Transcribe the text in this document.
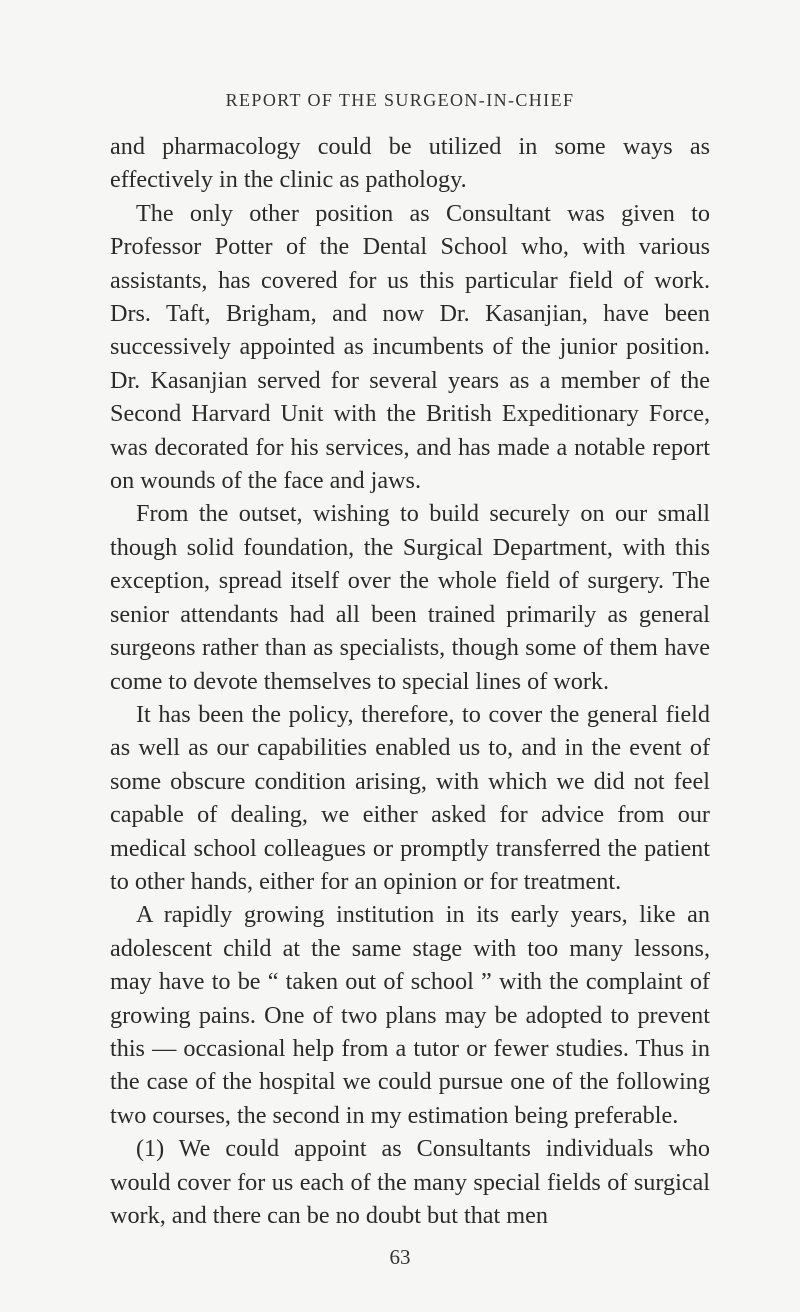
REPORT OF THE SURGEON-IN-CHIEF

and pharmacology could be utilized in some ways as effectively in the clinic as pathology.

The only other position as Consultant was given to Professor Potter of the Dental School who, with various assistants, has covered for us this particular field of work. Drs. Taft, Brigham, and now Dr. Kasanjian, have been successively appointed as incumbents of the junior position. Dr. Kasanjian served for several years as a member of the Second Harvard Unit with the British Expeditionary Force, was decorated for his services, and has made a notable report on wounds of the face and jaws.

From the outset, wishing to build securely on our small though solid foundation, the Surgical Department, with this exception, spread itself over the whole field of surgery. The senior attendants had all been trained primarily as general surgeons rather than as specialists, though some of them have come to devote themselves to special lines of work.

It has been the policy, therefore, to cover the general field as well as our capabilities enabled us to, and in the event of some obscure condition arising, with which we did not feel capable of dealing, we either asked for advice from our medical school colleagues or promptly transferred the patient to other hands, either for an opinion or for treatment.

A rapidly growing institution in its early years, like an adolescent child at the same stage with too many lessons, may have to be “ taken out of school ” with the complaint of growing pains. One of two plans may be adopted to prevent this — occasional help from a tutor or fewer studies. Thus in the case of the hospital we could pursue one of the following two courses, the second in my estimation being preferable.

(1) We could appoint as Consultants individuals who would cover for us each of the many special fields of surgical work, and there can be no doubt but that men

63
